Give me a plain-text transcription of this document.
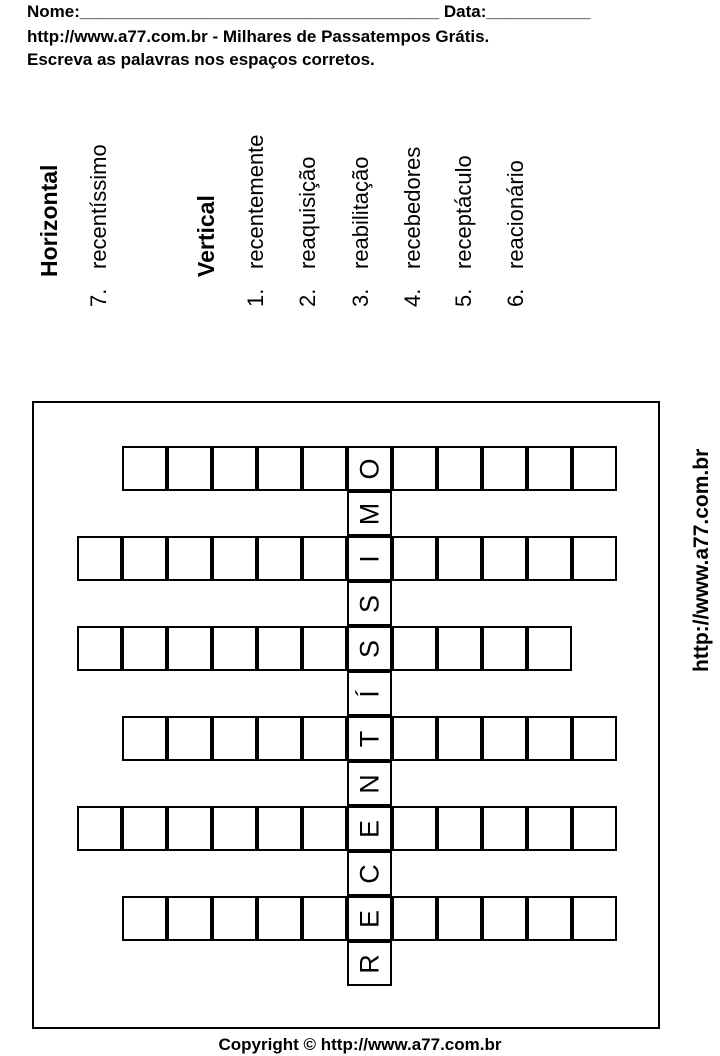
Nome:______________________________________ Data:___________
http://www.a77.com.br - Milhares de Passatempos Grátis.
Escreva as palavras nos espaços corretos.
Horizontal
7.recentíssimo	Vertical
1.recentemente
2.reaquisição
3.reabilitação
4.recebedores
5.receptáculo
6.reacionário
R
E
C
E
N
T
Í
S
S
I
M
O	http://www.a77.com.br
Copyright © http://www.a77.com.br
